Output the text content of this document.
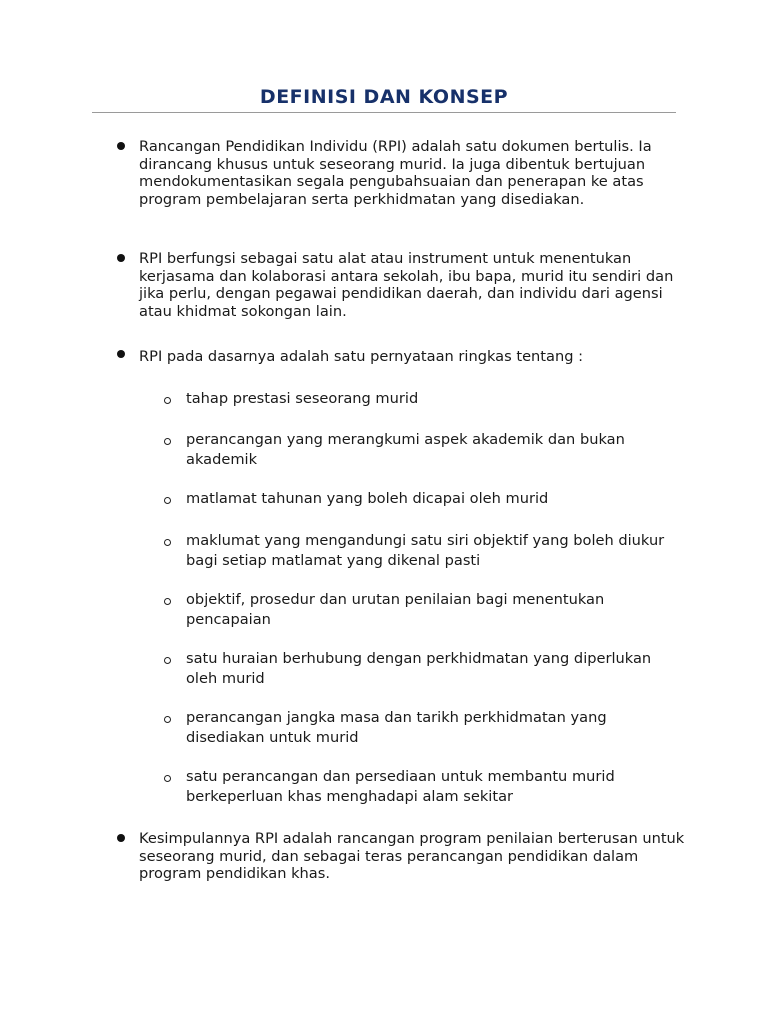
DEFINISI DAN KONSEP
Rancangan Pendidikan Individu (RPI) adalah satu dokumen bertulis. Ia dirancang khusus untuk seseorang murid. Ia juga dibentuk bertujuan mendokumentasikan segala pengubahsuaian dan penerapan ke atas program pembelajaran serta perkhidmatan yang disediakan.
RPI berfungsi sebagai satu alat atau instrument untuk menentukan kerjasama dan kolaborasi antara sekolah, ibu bapa, murid itu sendiri dan jika perlu, dengan pegawai pendidikan daerah, dan individu dari agensi atau khidmat sokongan lain.
RPI pada dasarnya adalah satu pernyataan ringkas tentang :
tahap prestasi seseorang murid
perancangan yang merangkumi aspek akademik dan bukan akademik
matlamat tahunan yang boleh dicapai oleh murid
maklumat yang mengandungi satu siri objektif yang boleh diukur bagi setiap matlamat yang dikenal pasti
objektif, prosedur dan urutan penilaian bagi menentukan pencapaian
satu huraian berhubung dengan perkhidmatan yang diperlukan oleh murid
perancangan jangka masa dan tarikh perkhidmatan yang disediakan untuk murid
satu perancangan dan persediaan untuk membantu murid berkeperluan khas menghadapi alam sekitar
Kesimpulannya RPI adalah rancangan program penilaian berterusan untuk seseorang murid, dan sebagai teras perancangan pendidikan dalam program pendidikan khas.
